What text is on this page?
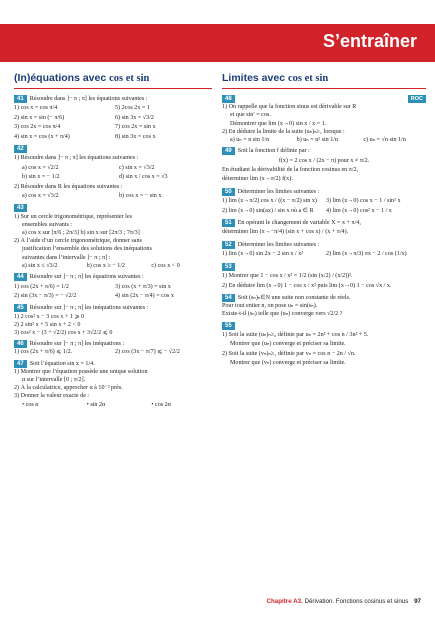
S’entraîner
(In)équations avec cos et sin
41 Résoudre dans ]− π ; π] les équations suivantes :
1) cos x = cos π/4	5) 2cos 2x = 1
2) sin x = sin (− π/6)	6) sin 3x = √3/2
3) cos 2x = cos π/4	7) cos 2x = sin x
4) sin x = cos (x + π/4)	8) sin 3x = cos x
42
1) Résoudre dans ]− π ; π] les équations suivantes :
a) cos x = √2/2	c) sin x = √3/2
b) sin x = − 1/2	d) sin x / cos x = √3
2) Résoudre dans R les équations suivantes :
a) cos x = √3/2	b) cos x = − sin x
43
1) Sur un cercle trigonométrique, représenter les
ensembles suivants :
a) cos x sur [π/6 ; 2π/3] b) sin x sur [2π/3 ; 7π/3]
2) À l’aide d’un cercle trigonométrique, donner sans
justification l’ensemble des solutions des inéquations
suivantes dans l’intervalle ]− π ; π] :
a) sin x ≤ √3/2	b) cos x ≥ − 1/2	c) cos x < 0
44 Résoudre sur ]− π ; π] les équations suivantes :
1) cos (2x + π/6) = 1/2	3) cos (x + π/3) = sin x
2) sin (3x − π/3) = − √2/2	4) sin (2x − π/4) = cos x
45 Résoudre sur ]− π ; π] les inéquations suivantes :
1) 2 cos² x − 3 cos x + 1 ⩾ 0
2) 2 sin² x + 5 sin x + 2 < 0
3) cos² x − (3 + √2/2) cos x + 3√2/2 ⩽ 0
46 Résoudre sur ]− π ; π] les inéquations :
1) cos (2x + π/6) ⩽ 1/2.	2) cos (3x − π/7) ⩽ − √2/2
47 Soit l’équation sin x = 1/4.
1) Montrer que l’équation possède une unique solution
α sur l’intervalle [0 ; π/2].
2) À la calculatrice, approcher α à 10⁻² près.
3) Donner la valeur exacte de :
• cos α	• sin 2α	• cos 2α
Limites avec cos et sin
48	ROC
1) On rappelle que la fonction sinus est dérivable sur R
et que sin′ = cos.
Démontrer que lim (x→0) sin x / x = 1.
2) En déduire la limite de la suite (uₙ)ₙ≥₁ lorsque :
a) uₙ = n sin 1/n	b) uₙ = n² sin 1/n	c) uₙ = √n sin 1/n
49 Soit la fonction f définie par :
f(x) = 2 cos x / (2x − π) pour x ≠ π/2.
En étudiant la dérivabilité de la fonction cosinus en π/2,
déterminer lim (x→π/2) f(x).
50 Déterminer les limites suivantes :
1) lim (x→π/2) cos x / ((x − π/2) sin x)	3) lim (x→0) cos x − 1 / sin² x
2) lim (x→0) sin(ax) / sin x où a ∈ R	4) lim (x→0) cos² x − 1 / x
51 En opérant le changement de variable X = x + π/4,
déterminer lim (x→−π/4) (sin x + cos x) / (x + π/4).
52 Déterminer les limites suivantes :
1) lim (x→0) sin 2x − 2 sin x / x²	2) lim (x→π/3) πx − 2 / cos (1/x)
53
1) Montrer que 1 − cos x / x² = 1/2 (sin (x/2) / (x/2))².
2) En déduire lim (x→0) 1 − cos x / x² puis lim (x→0) 1 − cos √x / x.
54 Soit (sₙ)ₙ∈N une suite non constante de réels.
Pour tout entier n, on pose uₙ = sin(sₙ).
Existe-t-il (sₙ) telle que (uₙ) converge vers √2/2 ?
55
1) Soit la suite (uₙ)ₙ≥₀ définie par uₙ = 2n² + cos n / 3n² + 5.
Montrer que (uₙ) converge et préciser sa limite.
2) Soit la suite (vₙ)ₙ≥₁ définie par vₙ = cos n − 2n / √n.
Montrer que (vₙ) converge et préciser sa limite.
Chapitre A3. Dérivation. Fonctions cosinus et sinus 97
